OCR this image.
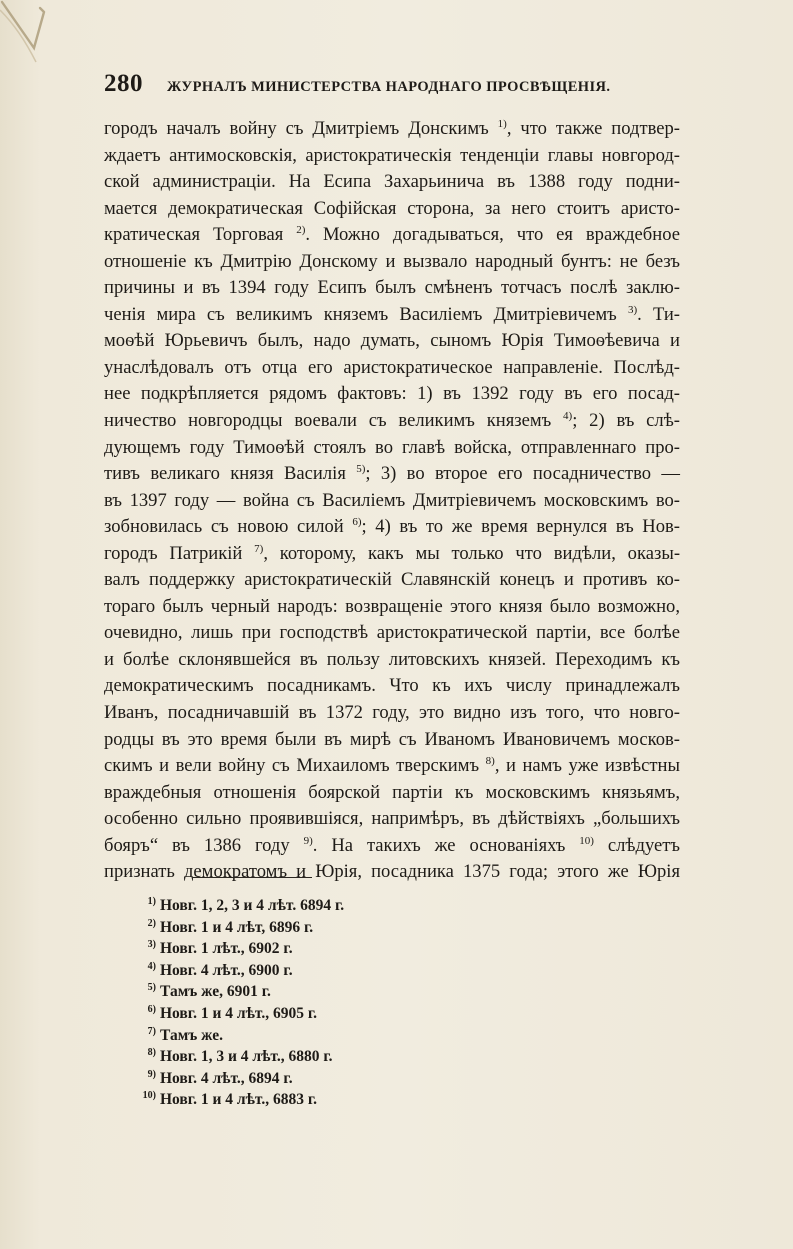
280 ЖУРНАЛЪ МИНИСТЕРСТВА НАРОДНАГО ПРОСВѢЩЕНІЯ.
городъ началъ войну съ Дмитріемъ Донскимъ $^{1)}$, что также подтвер-
ждаетъ антимосковскія, аристократическія тенденціи главы новгород-
ской администраціи. На Есипа Захарьинича въ 1388 году подни-
мается демократическая Софійская сторона, за него стоитъ аристо-
кратическая Торговая $^{2)}$. Можно догадываться, что ея враждебное
отношеніе къ Дмитрію Донскому и вызвало народный бунтъ: не безъ
причины и въ 1394 году Есипъ былъ смѣненъ тотчасъ послѣ заклю-
ченія мира съ великимъ княземъ Василіемъ Дмитріевичемъ $^{3)}$. Ти-
моѳѣй Юрьевичъ былъ, надо думать, сыномъ Юрія Тимоѳѣевича и
унаслѣдовалъ отъ отца его аристократическое направленіе. Послѣд-
нее подкрѣпляется рядомъ фактовъ: 1) въ 1392 году въ его посад-
ничество новгородцы воевали съ великимъ княземъ $^{4)}$; 2) въ слѣ-
дующемъ году Тимоѳѣй стоялъ во главѣ войска, отправленнаго про-
тивъ великаго князя Василія $^{5)}$; 3) во второе его посадничество —
въ 1397 году — война съ Василіемъ Дмитріевичемъ московскимъ во-
зобновилась съ новою силой $^{6)}$; 4) въ то же время вернулся въ Нов-
городъ Патрикій $^{7)}$, которому, какъ мы только что видѣли, оказы-
валъ поддержку аристократическій Славянскій конецъ и противъ ко-
тораго былъ черный народъ: возвращеніе этого князя было возможно,
очевидно, лишь при господствѣ аристократической партіи, все болѣе
и болѣе склонявшейся въ пользу литовскихъ князей. Переходимъ къ
демократическимъ посадникамъ. Что къ ихъ числу принадлежалъ
Иванъ, посадничавшій въ 1372 году, это видно изъ того, что новго-
родцы въ это время были въ мирѣ съ Иваномъ Ивановичемъ москов-
скимъ и вели войну съ Михаиломъ тверскимъ $^{8)}$, и намъ уже извѣстны
враждебныя отношенія боярской партіи къ московскимъ князьямъ,
особенно сильно проявившіяся, напримѣръ, въ дѣйствіяхъ „большихъ
бояръ“ въ 1386 году $^{9)}$. На такихъ же основаніяхъ $^{10)}$ слѣдуетъ
признать демократомъ и Юрія, посадника 1375 года; этого же Юрія
$^{1)}$ Новг. 1, 2, 3 и 4 лѣт. 6894 г.
$^{2)}$ Новг. 1 и 4 лѣт, 6896 г.
$^{3)}$ Новг. 1 лѣт., 6902 г.
$^{4)}$ Новг. 4 лѣт., 6900 г.
$^{5)}$ Тамъ же, 6901 г.
$^{6)}$ Новг. 1 и 4 лѣт., 6905 г.
$^{7)}$ Тамъ же.
$^{8)}$ Новг. 1, 3 и 4 лѣт., 6880 г.
$^{9)}$ Новг. 4 лѣт., 6894 г.
$^{10)}$ Новг. 1 и 4 лѣт., 6883 г.
